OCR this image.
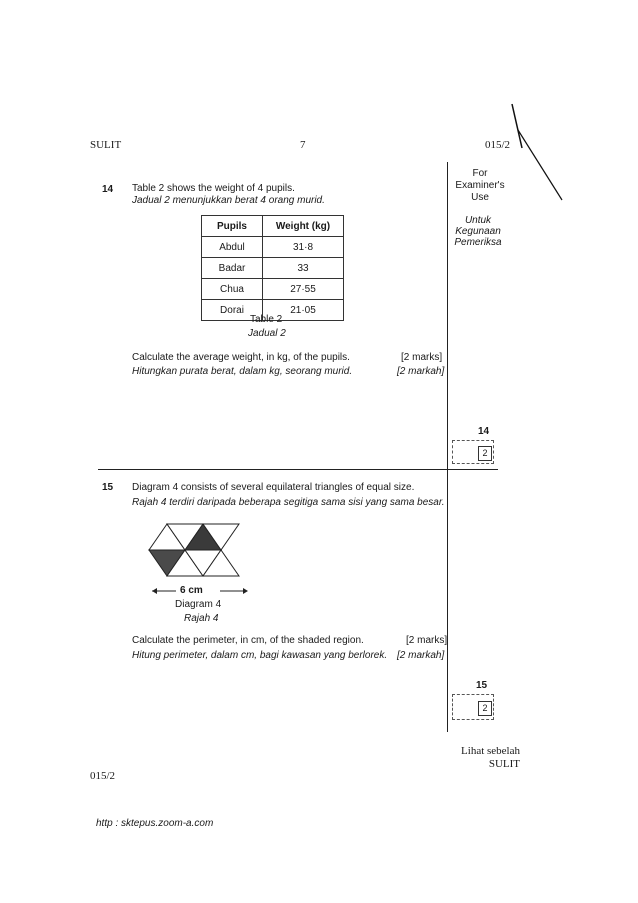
SULIT	7	015/2
For
Examiner's
Use
Untuk
Kegunaan
Pemeriksa
14 Table 2 shows the weight of 4 pupils.
Jadual 2 menunjukkan berat 4 orang murid.
Pupils	Weight (kg)
Abdul	31·8
Badar	33
Chua	27·55
Dorai	21·05
Table 2
Jadual 2
Calculate the average weight, in kg, of the pupils.
Hitungkan purata berat, dalam kg, seorang murid.
[2 marks]
[2 markah]
14
2
15 Diagram 4 consists of several equilateral triangles of equal size.
Rajah 4 terdiri daripada beberapa segitiga sama sisi yang sama besar.
6 cm
Diagram 4
Rajah 4
Calculate the perimeter, in cm, of the shaded region.
Hitung perimeter, dalam cm, bagi kawasan yang berlorek.
[2 marks]
[2 markah]
15
2
Lihat sebelah
SULIT
015/2
http : sktepus.zoom-a.com
